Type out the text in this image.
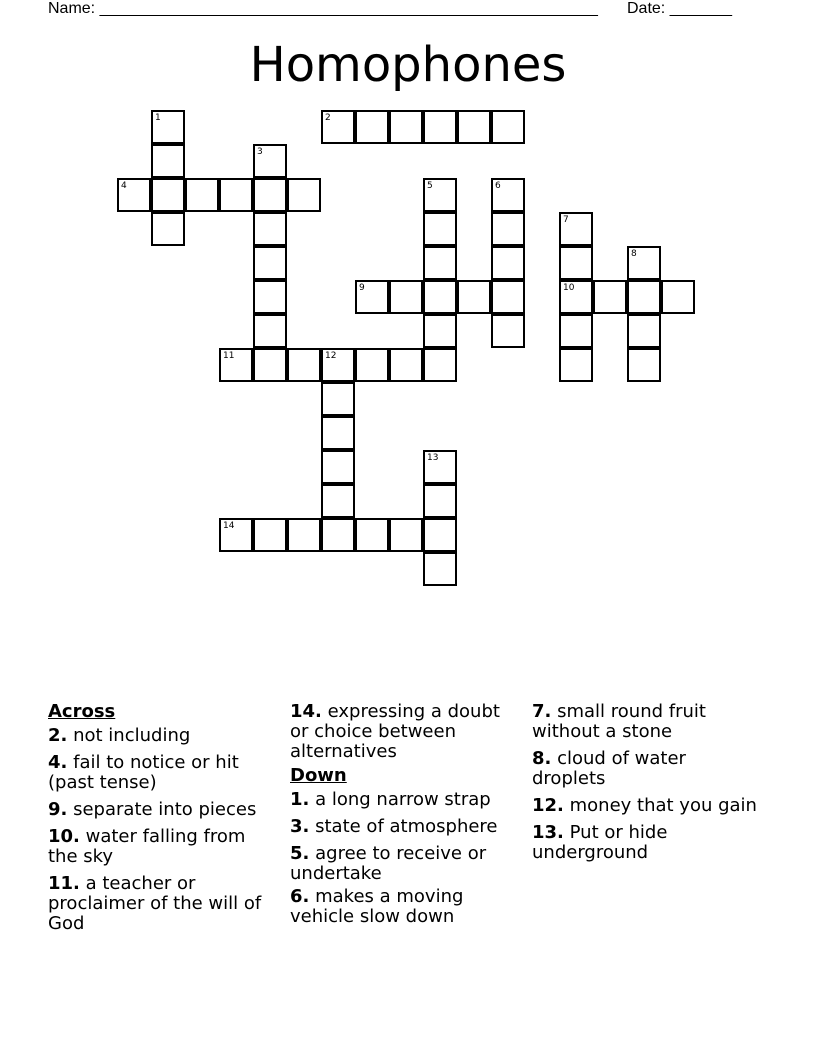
Name: ________________________________________________________ Date: _______
Homophones
1	2
3
4	5	6
7
10
8
9
11	12
13
14
Across
2. not including
4. fail to notice or hit (past tense)
9. separate into pieces
10. water falling from the sky
11. a teacher or proclaimer of the will of God
14. expressing a doubt or choice between alternatives
Down
1. a long narrow strap
3. state of atmosphere
5. agree to receive or undertake
6. makes a moving vehicle slow down
7. small round fruit without a stone
8. cloud of water droplets
12. money that you gain
13. Put or hide underground
